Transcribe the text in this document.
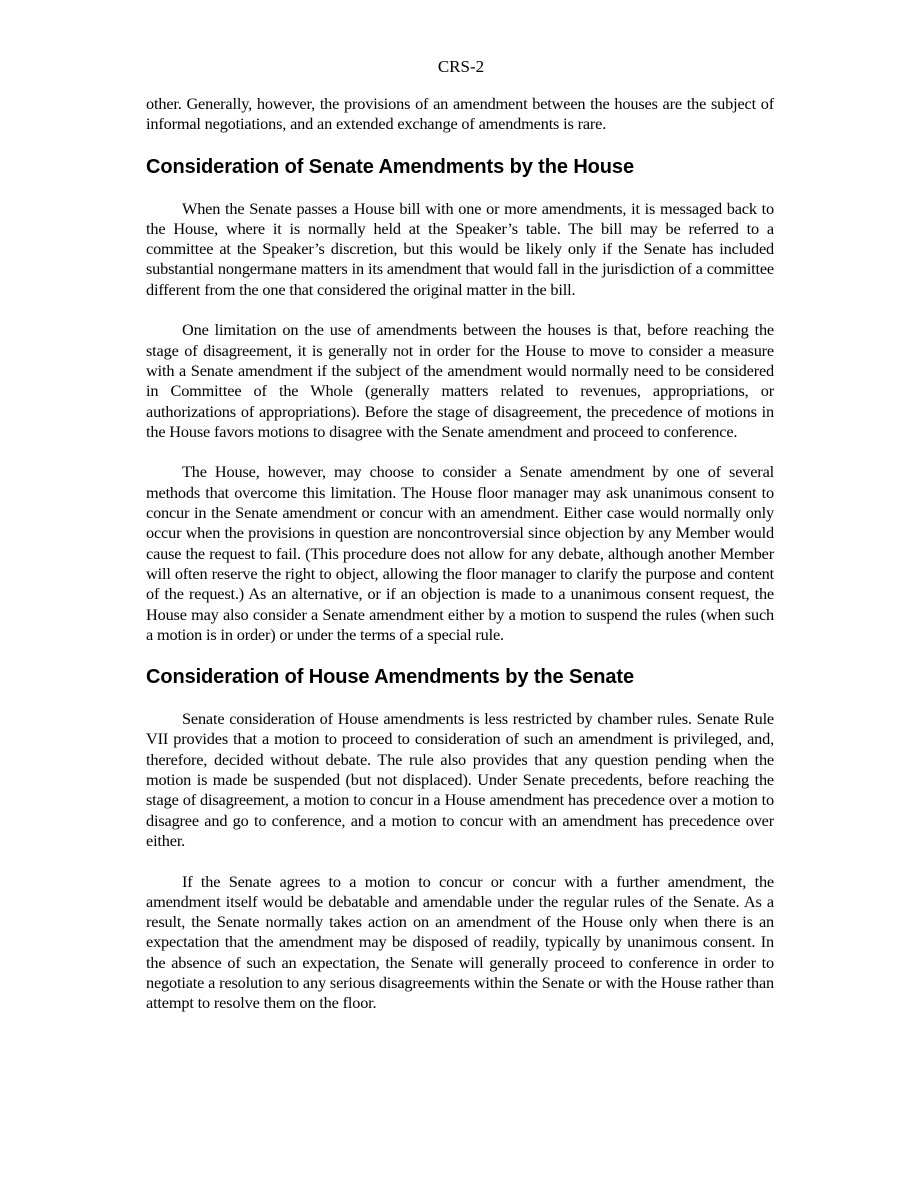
CRS-2

other. Generally, however, the provisions of an amendment between the houses are the subject of informal negotiations, and an extended exchange of amendments is rare.

Consideration of Senate Amendments by the House

When the Senate passes a House bill with one or more amendments, it is messaged back to the House, where it is normally held at the Speaker’s table. The bill may be referred to a committee at the Speaker’s discretion, but this would be likely only if the Senate has included substantial nongermane matters in its amendment that would fall in the jurisdiction of a committee different from the one that considered the original matter in the bill.

One limitation on the use of amendments between the houses is that, before reaching the stage of disagreement, it is generally not in order for the House to move to consider a measure with a Senate amendment if the subject of the amendment would normally need to be considered in Committee of the Whole (generally matters related to revenues, appropriations, or authorizations of appropriations). Before the stage of disagreement, the precedence of motions in the House favors motions to disagree with the Senate amendment and proceed to conference.

The House, however, may choose to consider a Senate amendment by one of several methods that overcome this limitation. The House floor manager may ask unanimous consent to concur in the Senate amendment or concur with an amendment. Either case would normally only occur when the provisions in question are noncontroversial since objection by any Member would cause the request to fail. (This procedure does not allow for any debate, although another Member will often reserve the right to object, allowing the floor manager to clarify the purpose and content of the request.) As an alternative, or if an objection is made to a unanimous consent request, the House may also consider a Senate amendment either by a motion to suspend the rules (when such a motion is in order) or under the terms of a special rule.

Consideration of House Amendments by the Senate

Senate consideration of House amendments is less restricted by chamber rules. Senate Rule VII provides that a motion to proceed to consideration of such an amendment is privileged, and, therefore, decided without debate. The rule also provides that any question pending when the motion is made be suspended (but not displaced). Under Senate precedents, before reaching the stage of disagreement, a motion to concur in a House amendment has precedence over a motion to disagree and go to conference, and a motion to concur with an amendment has precedence over either.

If the Senate agrees to a motion to concur or concur with a further amendment, the amendment itself would be debatable and amendable under the regular rules of the Senate. As a result, the Senate normally takes action on an amendment of the House only when there is an expectation that the amendment may be disposed of readily, typically by unanimous consent. In the absence of such an expectation, the Senate will generally proceed to conference in order to negotiate a resolution to any serious disagreements within the Senate or with the House rather than attempt to resolve them on the floor.
